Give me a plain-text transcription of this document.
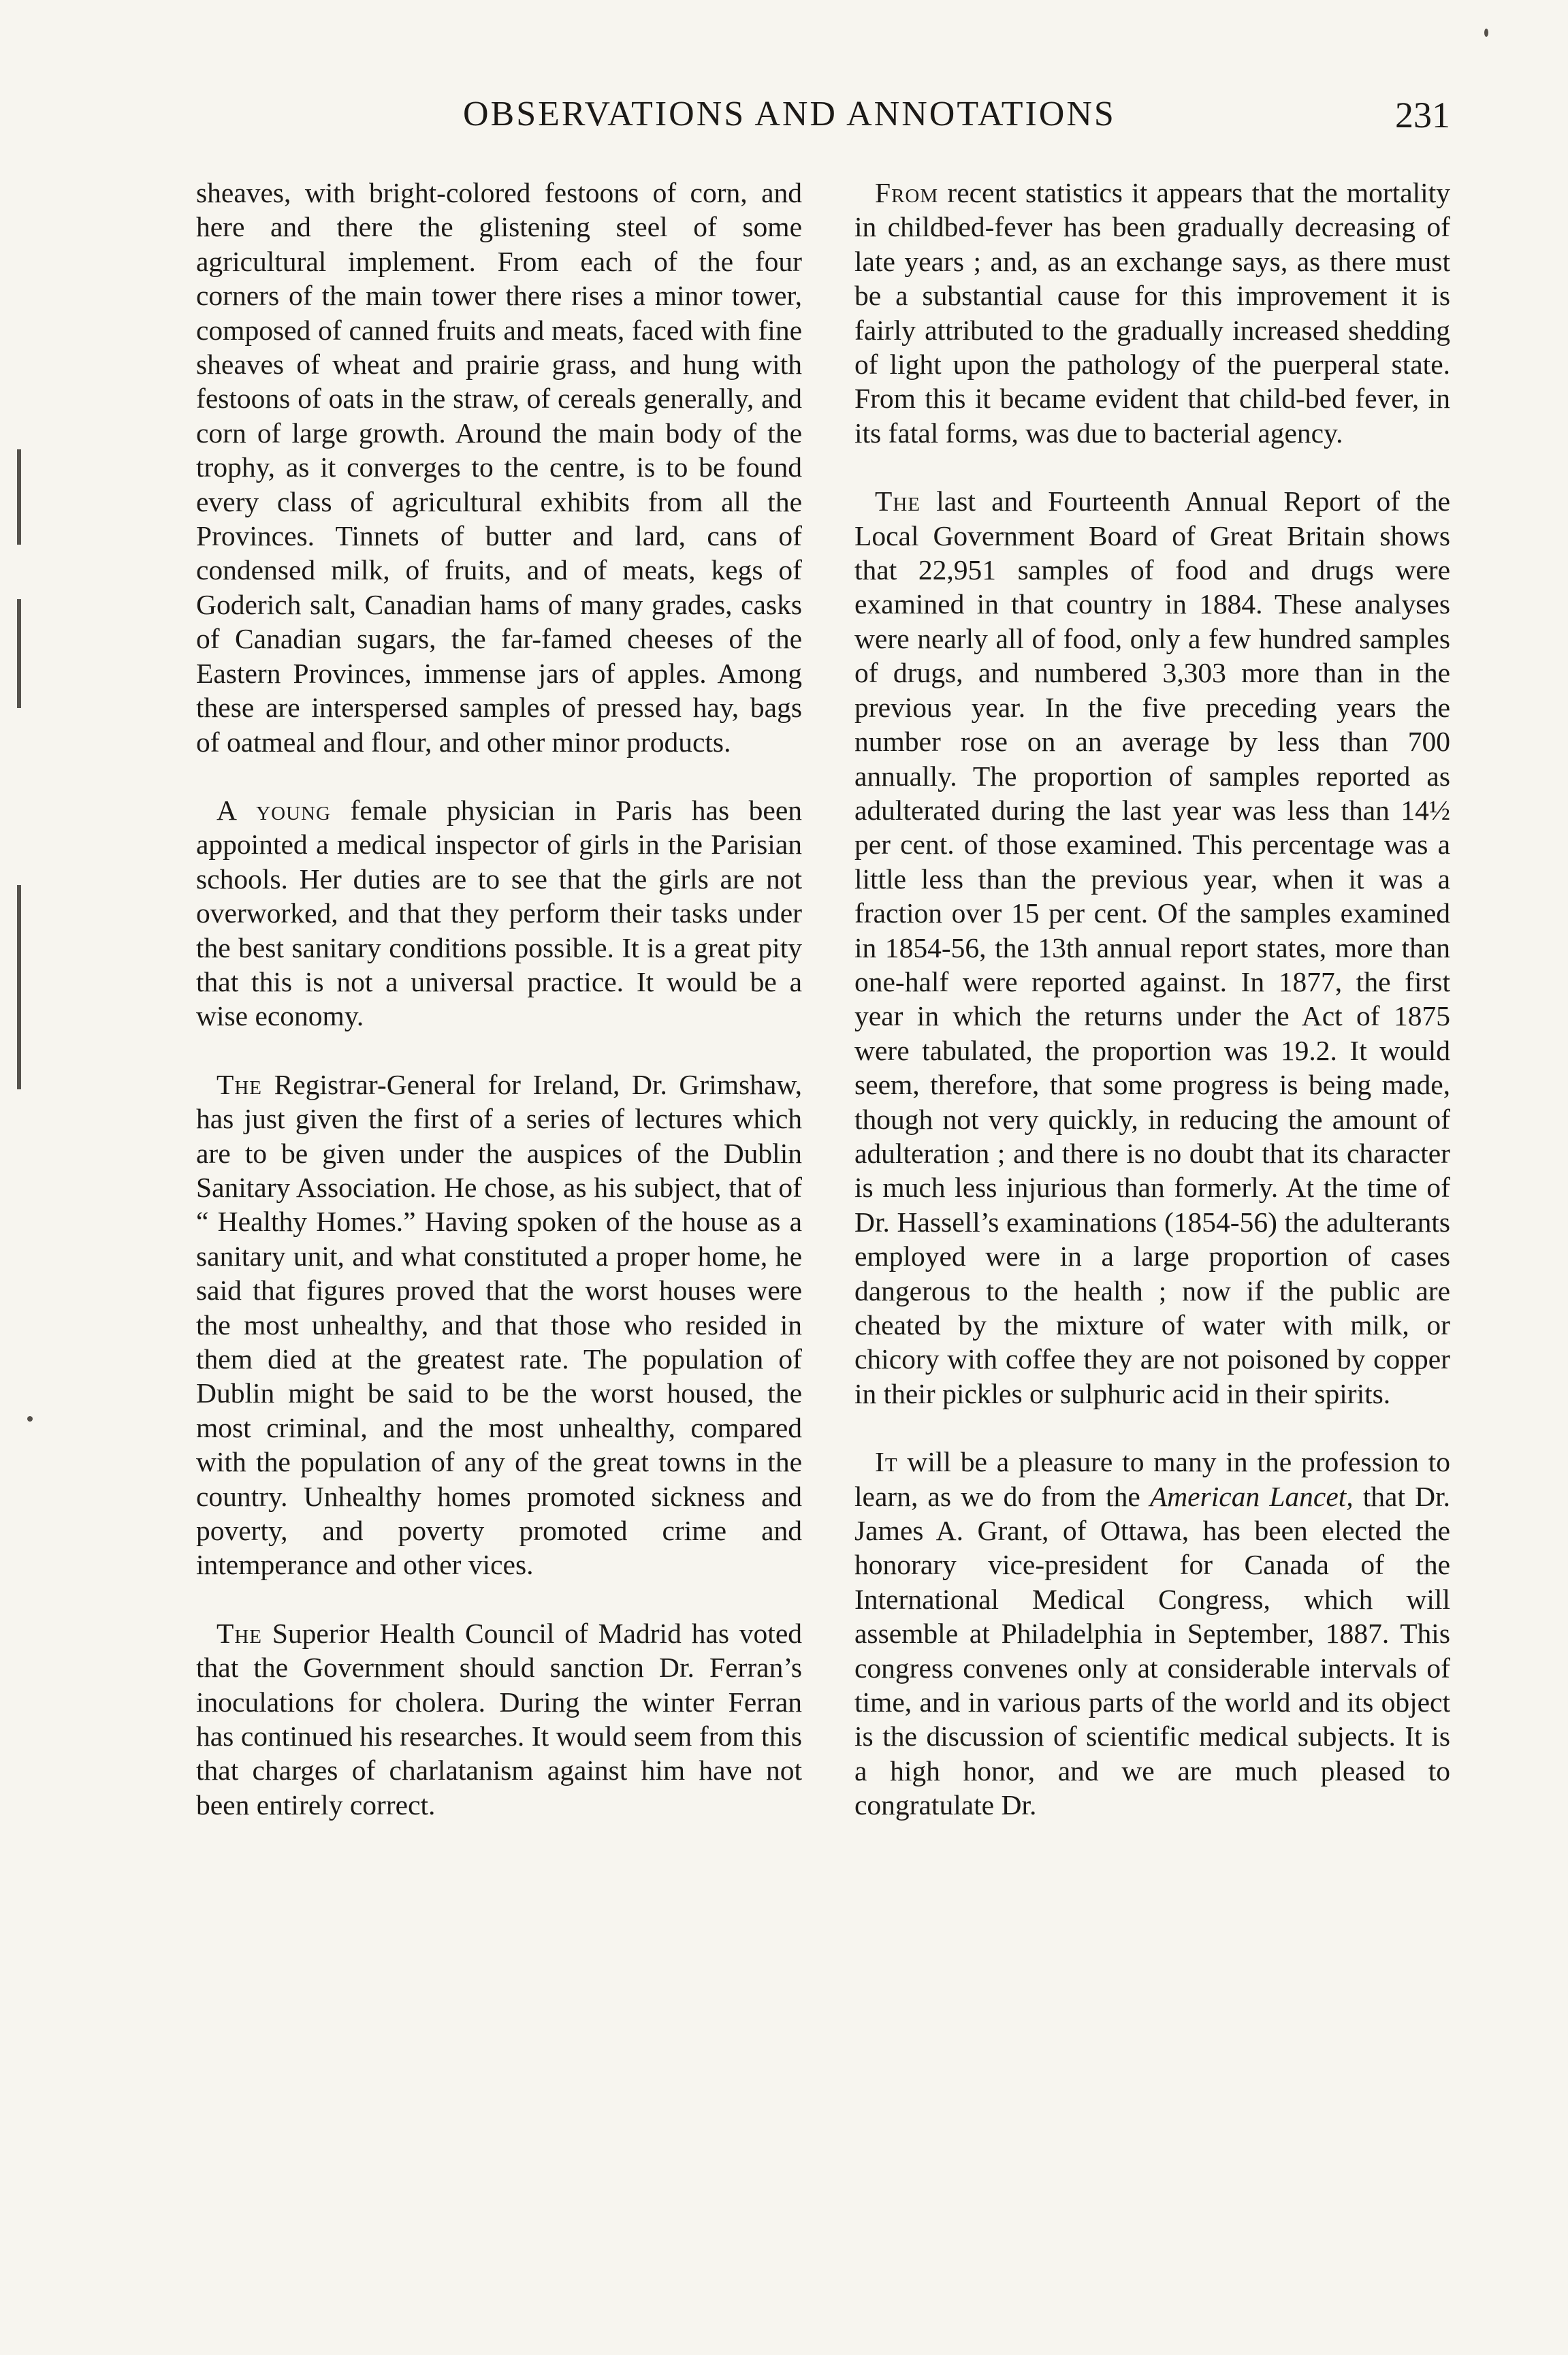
OBSERVATIONS AND ANNOTATIONS	231

sheaves, with bright-colored festoons of corn, and here and there the glistening steel of some agricultural implement. From each of the four corners of the main tower there rises a minor tower, composed of canned fruits and meats, faced with fine sheaves of wheat and prairie grass, and hung with festoons of oats in the straw, of cereals generally, and corn of large growth. Around the main body of the trophy, as it converges to the centre, is to be found every class of agricultural exhibits from all the Provinces. Tinnets of butter and lard, cans of condensed milk, of fruits, and of meats, kegs of Goderich salt, Canadian hams of many grades, casks of Canadian sugars, the far-famed cheeses of the Eastern Provinces, immense jars of apples. Among these are interspersed samples of pressed hay, bags of oatmeal and flour, and other minor products.

A young female physician in Paris has been appointed a medical inspector of girls in the Parisian schools. Her duties are to see that the girls are not overworked, and that they perform their tasks under the best sanitary conditions possible. It is a great pity that this is not a universal practice. It would be a wise economy.

The Registrar-General for Ireland, Dr. Grimshaw, has just given the first of a series of lectures which are to be given under the auspices of the Dublin Sanitary Association. He chose, as his subject, that of “ Healthy Homes.” Having spoken of the house as a sanitary unit, and what constituted a proper home, he said that figures proved that the worst houses were the most unhealthy, and that those who resided in them died at the greatest rate. The population of Dublin might be said to be the worst housed, the most criminal, and the most unhealthy, compared with the population of any of the great towns in the country. Unhealthy homes promoted sickness and poverty, and poverty promoted crime and intemperance and other vices.

The Superior Health Council of Madrid has voted that the Government should sanction Dr. Ferran’s inoculations for cholera. During the winter Ferran has continued his researches. It would seem from this that charges of charlatanism against him have not been entirely correct.

From recent statistics it appears that the mortality in childbed-fever has been gradually decreasing of late years ; and, as an exchange says, as there must be a substantial cause for this improvement it is fairly attributed to the gradually increased shedding of light upon the pathology of the puerperal state. From this it became evident that child-bed fever, in its fatal forms, was due to bacterial agency.

The last and Fourteenth Annual Report of the Local Government Board of Great Britain shows that 22,951 samples of food and drugs were examined in that country in 1884. These analyses were nearly all of food, only a few hundred samples of drugs, and numbered 3,303 more than in the previous year. In the five preceding years the number rose on an average by less than 700 annually. The proportion of samples reported as adulterated during the last year was less than 14½ per cent. of those examined. This percentage was a little less than the previous year, when it was a fraction over 15 per cent. Of the samples examined in 1854-56, the 13th annual report states, more than one-half were reported against. In 1877, the first year in which the returns under the Act of 1875 were tabulated, the proportion was 19.2. It would seem, therefore, that some progress is being made, though not very quickly, in reducing the amount of adulteration ; and there is no doubt that its character is much less injurious than formerly. At the time of Dr. Hassell’s examinations (1854-56) the adulterants employed were in a large proportion of cases dangerous to the health ; now if the public are cheated by the mixture of water with milk, or chicory with coffee they are not poisoned by copper in their pickles or sulphuric acid in their spirits.

It will be a pleasure to many in the profession to learn, as we do from the American Lancet, that Dr. James A. Grant, of Ottawa, has been elected the honorary vice-president for Canada of the International Medical Congress, which will assemble at Philadelphia in September, 1887. This congress convenes only at considerable intervals of time, and in various parts of the world and its object is the discussion of scientific medical subjects. It is a high honor, and we are much pleased to congratulate Dr.
